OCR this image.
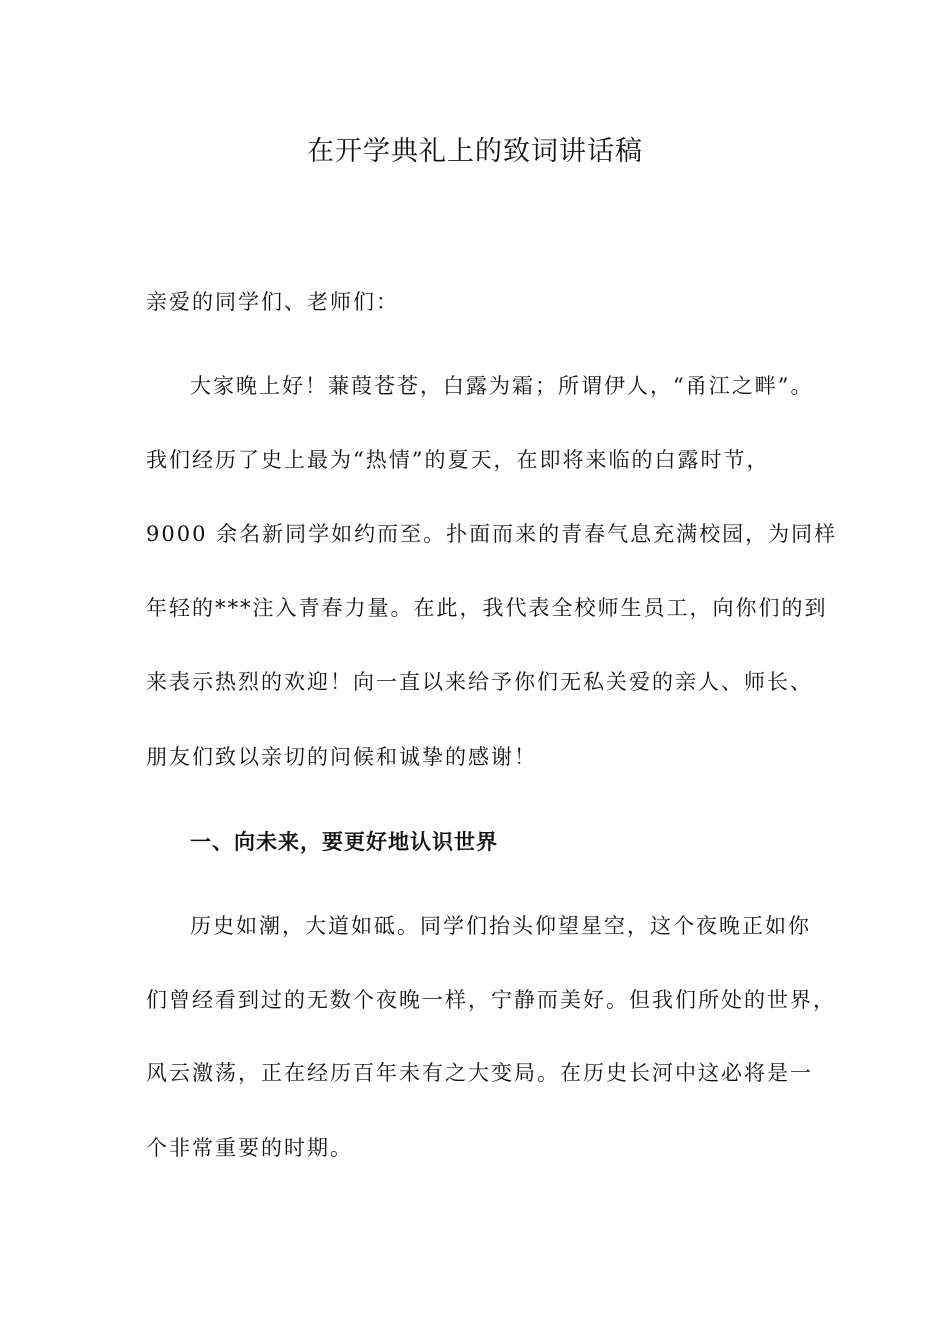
在开学典礼上的致词讲话稿

亲爱的同学们、老师们：

大家晚上好！蒹葭苍苍，白露为霜；所谓伊人，“甬江之畔”。

我们经历了史上最为“热情”的夏天，在即将来临的白露时节，

9000 余名新同学如约而至。扑面而来的青春气息充满校园，为同样

年轻的***注入青春力量。在此，我代表全校师生员工，向你们的到

来表示热烈的欢迎！向一直以来给予你们无私关爱的亲人、师长、

朋友们致以亲切的问候和诚挚的感谢！

一、向未来，要更好地认识世界

历史如潮，大道如砥。同学们抬头仰望星空，这个夜晚正如你

们曾经看到过的无数个夜晚一样，宁静而美好。但我们所处的世界，

风云激荡，正在经历百年未有之大变局。在历史长河中这必将是一

个非常重要的时期。
